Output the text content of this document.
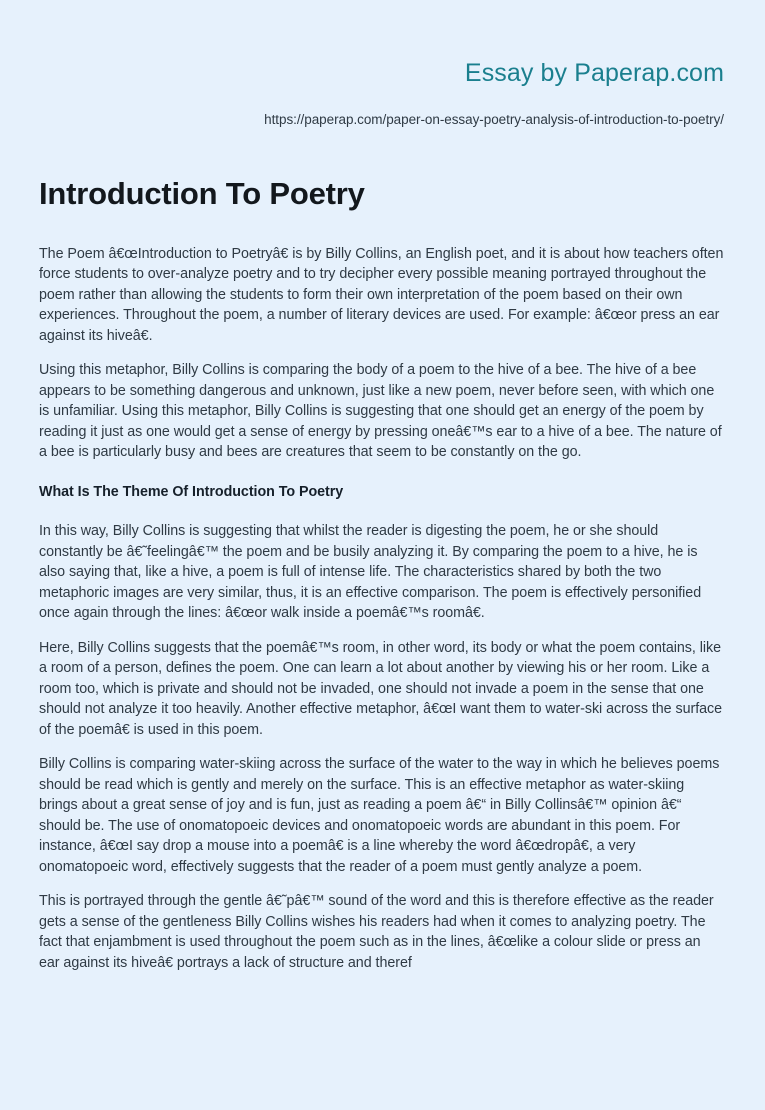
Essay by Paperap.com
https://paperap.com/paper-on-essay-poetry-analysis-of-introduction-to-poetry/
Introduction To Poetry

The Poem â€œIntroduction to Poetryâ€ is by Billy Collins, an English poet, and it is about how teachers often force students to over-analyze poetry and to try decipher every possible meaning portrayed throughout the poem rather than allowing the students to form their own interpretation of the poem based on their own experiences. Throughout the poem, a number of literary devices are used. For example: â€œor press an ear against its hiveâ€.

Using this metaphor, Billy Collins is comparing the body of a poem to the hive of a bee. The hive of a bee appears to be something dangerous and unknown, just like a new poem, never before seen, with which one is unfamiliar. Using this metaphor, Billy Collins is suggesting that one should get an energy of the poem by reading it just as one would get a sense of energy by pressing oneâ€™s ear to a hive of a bee. The nature of a bee is particularly busy and bees are creatures that seem to be constantly on the go.

What Is The Theme Of Introduction To Poetry

In this way, Billy Collins is suggesting that whilst the reader is digesting the poem, he or she should constantly be â€˜feelingâ€™ the poem and be busily analyzing it. By comparing the poem to a hive, he is also saying that, like a hive, a poem is full of intense life. The characteristics shared by both the two metaphoric images are very similar, thus, it is an effective comparison. The poem is effectively personified once again through the lines: â€œor walk inside a poemâ€™s roomâ€.

Here, Billy Collins suggests that the poemâ€™s room, in other word, its body or what the poem contains, like a room of a person, defines the poem. One can learn a lot about another by viewing his or her room. Like a room too, which is private and should not be invaded, one should not invade a poem in the sense that one should not analyze it too heavily. Another effective metaphor, â€œI want them to water-ski across the surface of the poemâ€ is used in this poem.

Billy Collins is comparing water-skiing across the surface of the water to the way in which he believes poems should be read which is gently and merely on the surface. This is an effective metaphor as water-skiing brings about a great sense of joy and is fun, just as reading a poem â€“ in Billy Collinsâ€™ opinion â€“ should be. The use of onomatopoeic devices and onomatopoeic words are abundant in this poem. For instance, â€œI say drop a mouse into a poemâ€ is a line whereby the word â€œdropâ€, a very onomatopoeic word, effectively suggests that the reader of a poem must gently analyze a poem.

This is portrayed through the gentle â€˜pâ€™ sound of the word and this is therefore effective as the reader gets a sense of the gentleness Billy Collins wishes his readers had when it comes to analyzing poetry. The fact that enjambment is used throughout the poem such as in the lines, â€œlike a colour slide or press an ear against its hiveâ€ portrays a lack of structure and theref
